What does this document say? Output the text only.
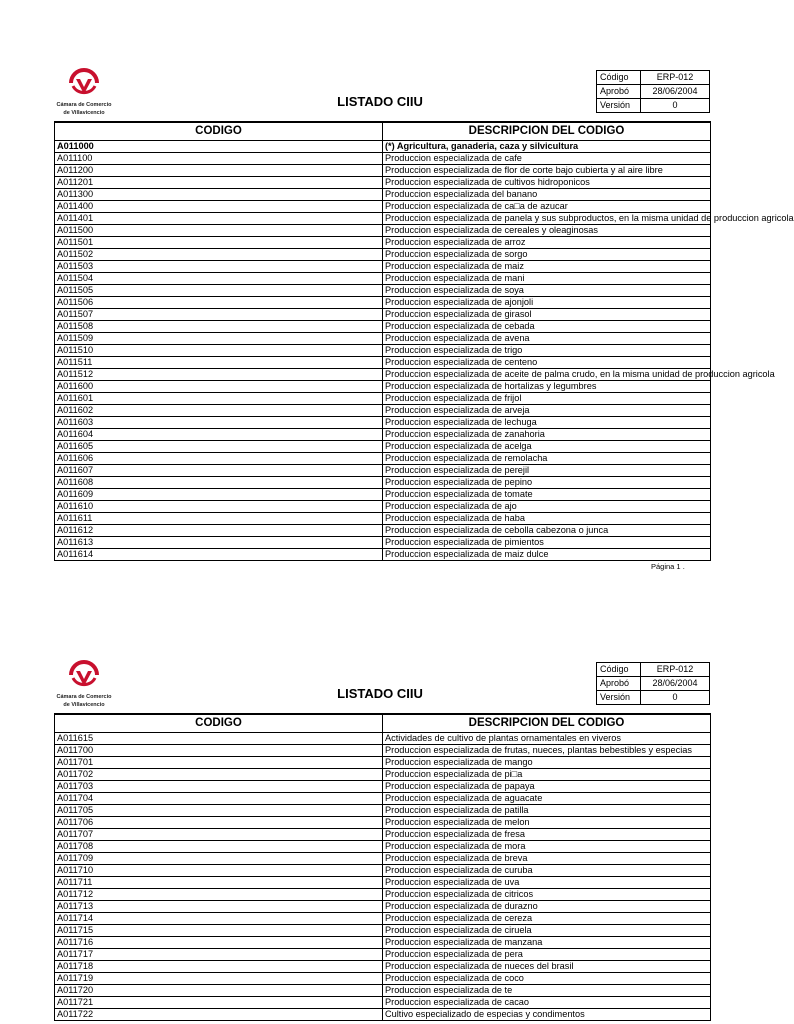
Cámara de Comercio
de Villavicencio
LISTADO CIIU
Código	ERP-012
Aprobó	28/06/2004
Versión	0
CODIGO	DESCRIPCION DEL CODIGO
A011000	(*) Agricultura, ganaderia, caza y silvicultura
A011100	Produccion especializada de cafe
A011200	Produccion especializada de flor de corte bajo cubierta y al aire libre
A011201	Produccion especializada de cultivos hidroponicos
A011300	Produccion especializada del banano
A011400	Produccion especializada de ca□a de azucar
A011401	Produccion especializada de panela y sus subproductos, en la misma unidad de produccion agricola
A011500	Produccion especializada de cereales y oleaginosas
A011501	Produccion especializada de arroz
A011502	Produccion especializada de sorgo
A011503	Produccion especializada de maiz
A011504	Produccion especializada de mani
A011505	Produccion especializada de soya
A011506	Produccion especializada de ajonjoli
A011507	Produccion especializada de girasol
A011508	Produccion especializada de cebada
A011509	Produccion especializada de avena
A011510	Produccion especializada de trigo
A011511	Produccion especializada de centeno
A011512	Produccion especializada de aceite de palma crudo, en la misma unidad de produccion agricola
A011600	Produccion especializada de hortalizas y legumbres
A011601	Produccion especializada de frijol
A011602	Produccion especializada de arveja
A011603	Produccion especializada de lechuga
A011604	Produccion especializada de zanahoria
A011605	Produccion especializada de acelga
A011606	Produccion especializada de remolacha
A011607	Produccion especializada de perejil
A011608	Produccion especializada de pepino
A011609	Produccion especializada de tomate
A011610	Produccion especializada de ajo
A011611	Produccion especializada de haba
A011612	Produccion especializada de cebolla cabezona o junca
A011613	Produccion especializada de pimientos
A011614	Produccion especializada de maiz dulce
Página 1 .
Cámara de Comercio
de Villavicencio
LISTADO CIIU
Código	ERP-012
Aprobó	28/06/2004
Versión	0
CODIGO	DESCRIPCION DEL CODIGO
A011615	Actividades de cultivo de plantas ornamentales en viveros
A011700	Produccion especializada de frutas, nueces, plantas bebestibles y especias
A011701	Produccion especializada de mango
A011702	Produccion especializada de pi□a
A011703	Produccion especializada de papaya
A011704	Produccion especializada de aguacate
A011705	Produccion especializada de patilla
A011706	Produccion especializada de melon
A011707	Produccion especializada de fresa
A011708	Produccion especializada de mora
A011709	Produccion especializada de breva
A011710	Produccion especializada de curuba
A011711	Produccion especializada de uva
A011712	Produccion especializada de citricos
A011713	Produccion especializada de durazno
A011714	Produccion especializada de cereza
A011715	Produccion especializada de ciruela
A011716	Produccion especializada de manzana
A011717	Produccion especializada de pera
A011718	Produccion especializada de nueces del brasil
A011719	Produccion especializada de coco
A011720	Produccion especializada de te
A011721	Produccion especializada de cacao
A011722	Cultivo especializado de especias y condimentos
